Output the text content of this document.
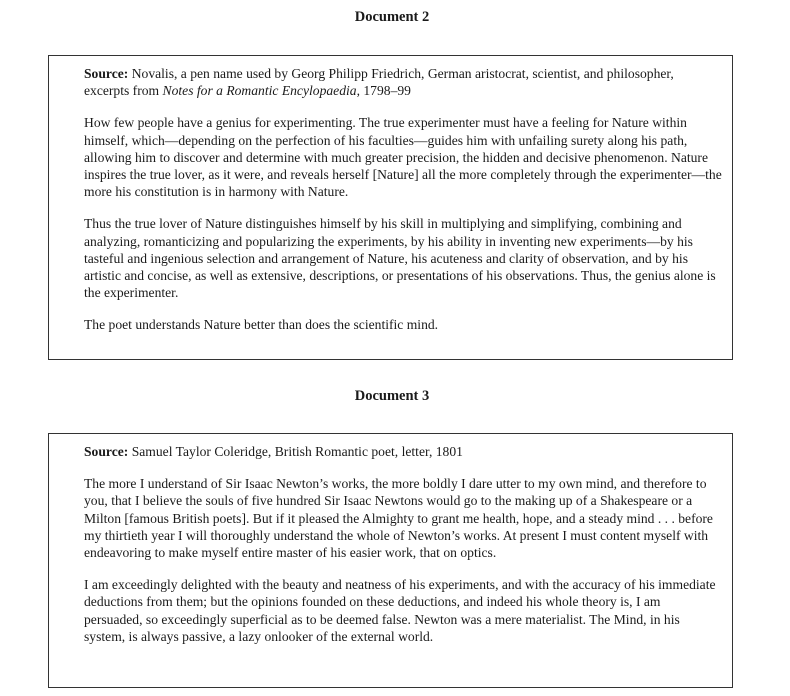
Document 2

Source: Novalis, a pen name used by Georg Philipp Friedrich, German aristocrat, scientist, and philosopher, excerpts from Notes for a Romantic Encylopaedia, 1798–99

How few people have a genius for experimenting. The true experimenter must have a feeling for Nature within himself, which—depending on the perfection of his faculties—guides him with unfailing surety along his path, allowing him to discover and determine with much greater precision, the hidden and decisive phenomenon. Nature inspires the true lover, as it were, and reveals herself [Nature] all the more completely through the experimenter—the more his constitution is in harmony with Nature.

Thus the true lover of Nature distinguishes himself by his skill in multiplying and simplifying, combining and analyzing, romanticizing and popularizing the experiments, by his ability in inventing new experiments—by his tasteful and ingenious selection and arrangement of Nature, his acuteness and clarity of observation, and by his artistic and concise, as well as extensive, descriptions, or presentations of his observations. Thus, the genius alone is the experimenter.

The poet understands Nature better than does the scientific mind.

Document 3

Source: Samuel Taylor Coleridge, British Romantic poet, letter, 1801

The more I understand of Sir Isaac Newton’s works, the more boldly I dare utter to my own mind, and therefore to you, that I believe the souls of five hundred Sir Isaac Newtons would go to the making up of a Shakespeare or a Milton [famous British poets]. But if it pleased the Almighty to grant me health, hope, and a steady mind . . . before my thirtieth year I will thoroughly understand the whole of Newton’s works. At present I must content myself with endeavoring to make myself entire master of his easier work, that on optics.

I am exceedingly delighted with the beauty and neatness of his experiments, and with the accuracy of his immediate deductions from them; but the opinions founded on these deductions, and indeed his whole theory is, I am persuaded, so exceedingly superficial as to be deemed false. Newton was a mere materialist. The Mind, in his system, is always passive, a lazy onlooker of the external world.
